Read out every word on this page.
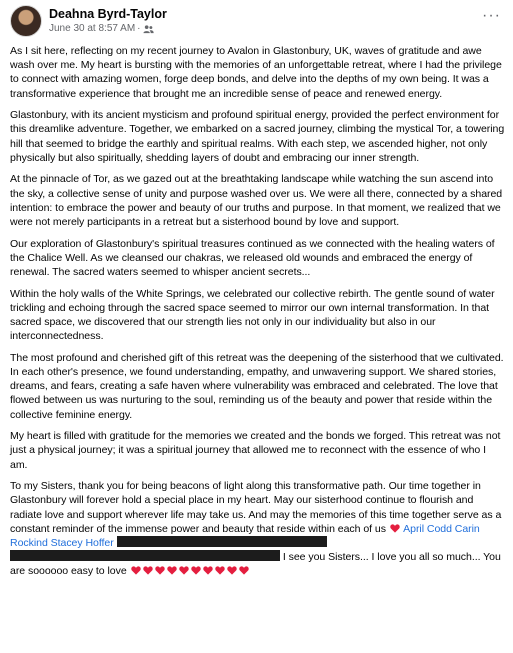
Deahna Byrd-Taylor
June 30 at 8:57 AM ·
···

As I sit here, reflecting on my recent journey to Avalon in Glastonbury, UK, waves of gratitude and awe wash over me. My heart is bursting with the memories of an unforgettable retreat, where I had the privilege to connect with amazing women, forge deep bonds, and delve into the depths of my own being. It was a transformative experience that brought me an incredible sense of peace and renewed energy.

Glastonbury, with its ancient mysticism and profound spiritual energy, provided the perfect environment for this dreamlike adventure. Together, we embarked on a sacred journey, climbing the mystical Tor, a towering hill that seemed to bridge the earthly and spiritual realms. With each step, we ascended higher, not only physically but also spiritually, shedding layers of doubt and embracing our inner strength.

At the pinnacle of Tor, as we gazed out at the breathtaking landscape while watching the sun ascend into the sky, a collective sense of unity and purpose washed over us. We were all there, connected by a shared intention: to embrace the power and beauty of our truths and purpose. In that moment, we realized that we were not merely participants in a retreat but a sisterhood bound by love and support.

Our exploration of Glastonbury's spiritual treasures continued as we connected with the healing waters of the Chalice Well. As we cleansed our chakras, we released old wounds and embraced the energy of renewal. The sacred waters seemed to whisper ancient secrets...

Within the holy walls of the White Springs, we celebrated our collective rebirth. The gentle sound of water trickling and echoing through the sacred space seemed to mirror our own internal transformation. In that sacred space, we discovered that our strength lies not only in our individuality but also in our interconnectedness.

The most profound and cherished gift of this retreat was the deepening of the sisterhood that we cultivated. In each other's presence, we found understanding, empathy, and unwavering support. We shared stories, dreams, and fears, creating a safe haven where vulnerability was embraced and celebrated. The love that flowed between us was nurturing to the soul, reminding us of the beauty and power that reside within the collective feminine energy.

My heart is filled with gratitude for the memories we created and the bonds we forged. This retreat was not just a physical journey; it was a spiritual journey that allowed me to reconnect with the essence of who I am.

To my Sisters, thank you for being beacons of light along this transformative path. Our time together in Glastonbury will forever hold a special place in my heart. May our sisterhood continue to flourish and radiate love and support wherever life may take us. And may the memories of this time together serve as a constant reminder of the immense power and beauty that reside within each of us April Codd Carin Rockind Stacey Hoffer   I see you Sisters... I love you all so much... You are soooooo easy to love
